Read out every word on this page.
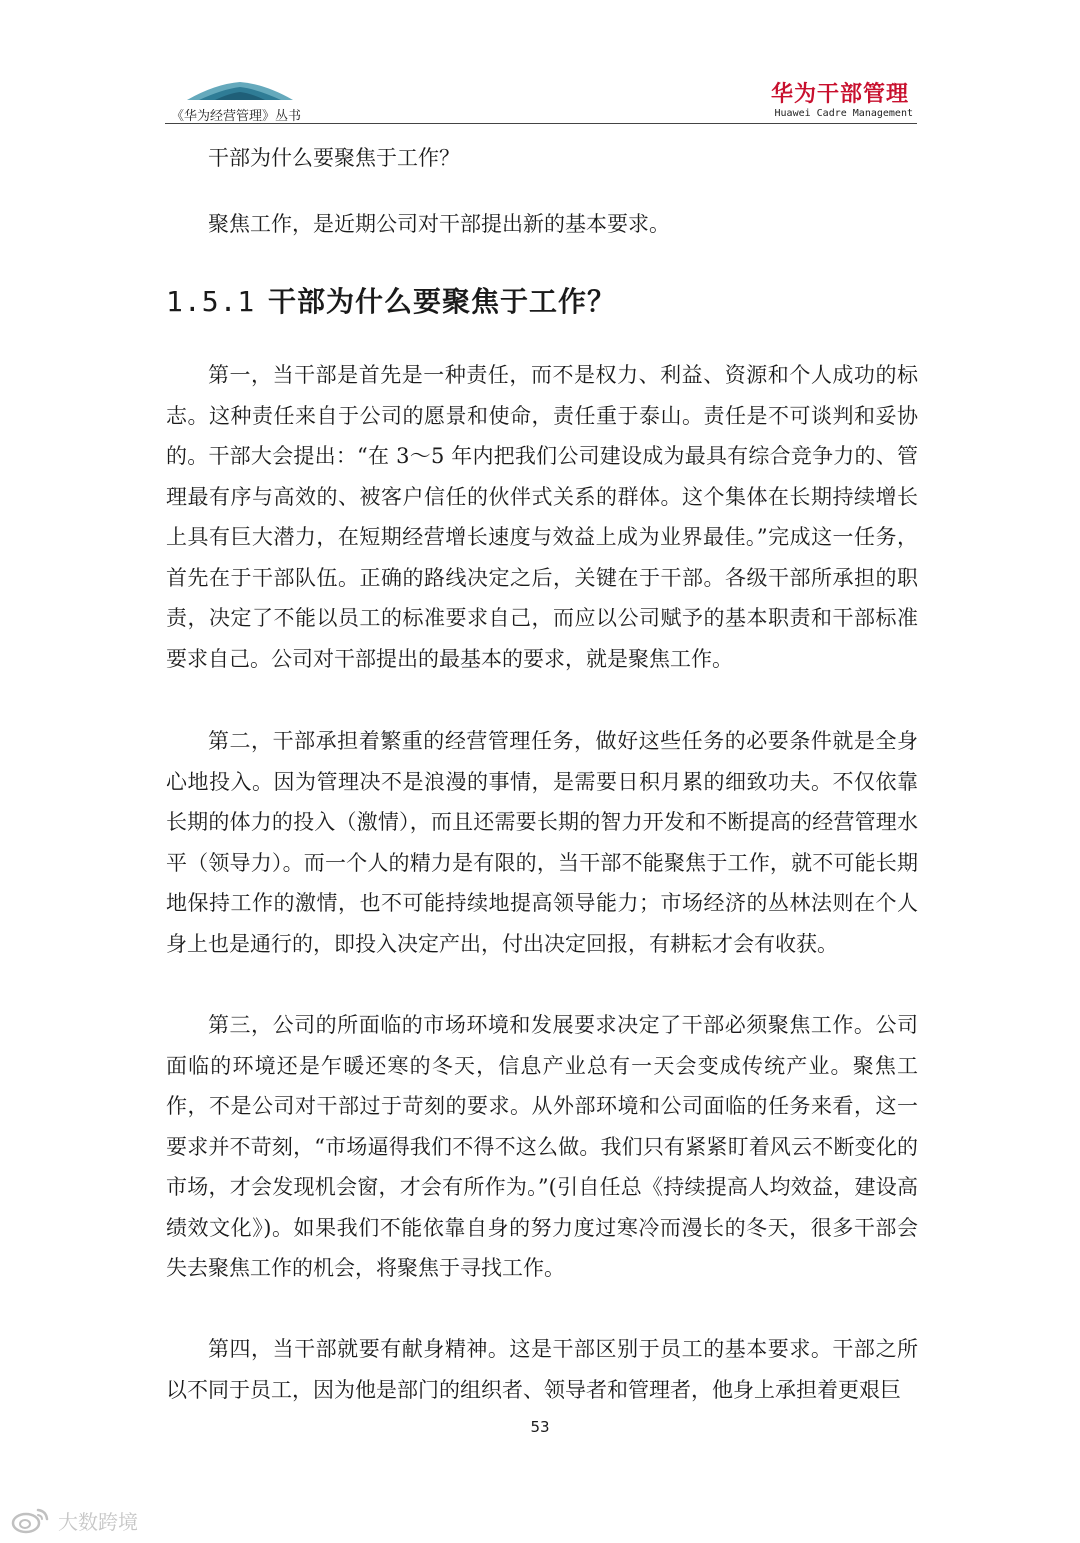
《华为经营管理》丛书
华为干部管理
Huawei Cadre Management
干部为什么要聚焦于工作？
聚焦工作，是近期公司对干部提出新的基本要求。
1.5.1 干部为什么要聚焦于工作？

第一，当干部是首先是一种责任，而不是权力、利益、资源和个人成功的标志。这种责任来自于公司的愿景和使命，责任重于泰山。责任是不可谈判和妥协的。干部大会提出：“在 3～5 年内把我们公司建设成为最具有综合竞争力的、管理最有序与高效的、被客户信任的伙伴式关系的群体。这个集体在长期持续增长上具有巨大潜力，在短期经营增长速度与效益上成为业界最佳。”完成这一任务，首先在于干部队伍。正确的路线决定之后，关键在于干部。各级干部所承担的职责，决定了不能以员工的标准要求自己，而应以公司赋予的基本职责和干部标准要求自己。公司对干部提出的最基本的要求，就是聚焦工作。

第二，干部承担着繁重的经营管理任务，做好这些任务的必要条件就是全身心地投入。因为管理决不是浪漫的事情，是需要日积月累的细致功夫。不仅依靠长期的体力的投入（激情），而且还需要长期的智力开发和不断提高的经营管理水平（领导力）。而一个人的精力是有限的，当干部不能聚焦于工作，就不可能长期地保持工作的激情，也不可能持续地提高领导能力；市场经济的丛林法则在个人身上也是通行的，即投入决定产出，付出决定回报，有耕耘才会有收获。

第三，公司的所面临的市场环境和发展要求决定了干部必须聚焦工作。公司面临的环境还是乍暖还寒的冬天，信息产业总有一天会变成传统产业。聚焦工作，不是公司对干部过于苛刻的要求。从外部环境和公司面临的任务来看，这一要求并不苛刻，“市场逼得我们不得不这么做。我们只有紧紧盯着风云不断变化的市场，才会发现机会窗，才会有所作为。”(引自任总《持续提高人均效益，建设高绩效文化》)。如果我们不能依靠自身的努力度过寒冷而漫长的冬天，很多干部会失去聚焦工作的机会，将聚焦于寻找工作。

第四，当干部就要有献身精神。这是干部区别于员工的基本要求。干部之所以不同于员工，因为他是部门的组织者、领导者和管理者，他身上承担着更艰巨

53
大数跨境
